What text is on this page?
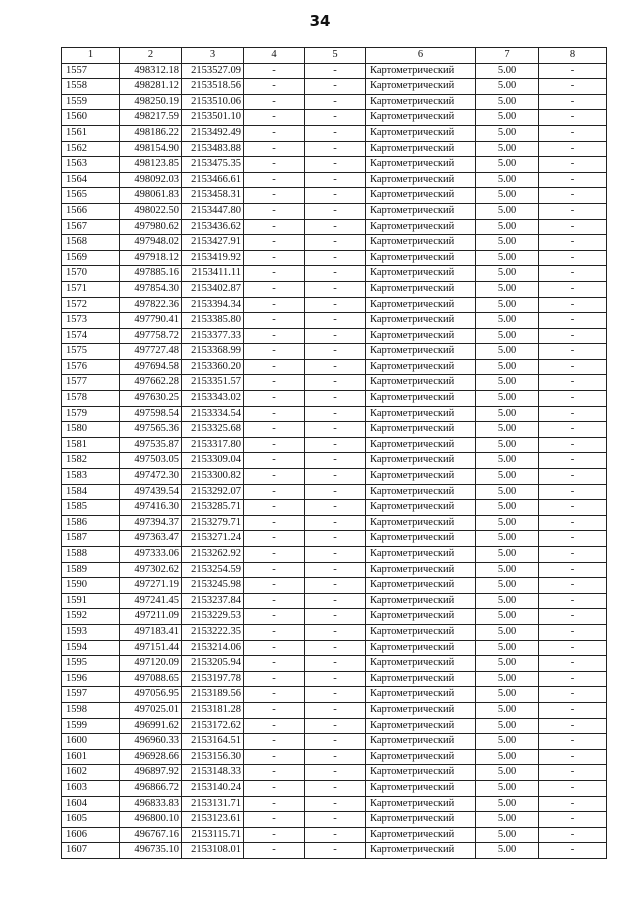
34
1	2	3	4	5	6	7	8
1557	498312.18	2153527.09	-	-	Картометрический	5.00	-
1558	498281.12	2153518.56	-	-	Картометрический	5.00	-
1559	498250.19	2153510.06	-	-	Картометрический	5.00	-
1560	498217.59	2153501.10	-	-	Картометрический	5.00	-
1561	498186.22	2153492.49	-	-	Картометрический	5.00	-
1562	498154.90	2153483.88	-	-	Картометрический	5.00	-
1563	498123.85	2153475.35	-	-	Картометрический	5.00	-
1564	498092.03	2153466.61	-	-	Картометрический	5.00	-
1565	498061.83	2153458.31	-	-	Картометрический	5.00	-
1566	498022.50	2153447.80	-	-	Картометрический	5.00	-
1567	497980.62	2153436.62	-	-	Картометрический	5.00	-
1568	497948.02	2153427.91	-	-	Картометрический	5.00	-
1569	497918.12	2153419.92	-	-	Картометрический	5.00	-
1570	497885.16	2153411.11	-	-	Картометрический	5.00	-
1571	497854.30	2153402.87	-	-	Картометрический	5.00	-
1572	497822.36	2153394.34	-	-	Картометрический	5.00	-
1573	497790.41	2153385.80	-	-	Картометрический	5.00	-
1574	497758.72	2153377.33	-	-	Картометрический	5.00	-
1575	497727.48	2153368.99	-	-	Картометрический	5.00	-
1576	497694.58	2153360.20	-	-	Картометрический	5.00	-
1577	497662.28	2153351.57	-	-	Картометрический	5.00	-
1578	497630.25	2153343.02	-	-	Картометрический	5.00	-
1579	497598.54	2153334.54	-	-	Картометрический	5.00	-
1580	497565.36	2153325.68	-	-	Картометрический	5.00	-
1581	497535.87	2153317.80	-	-	Картометрический	5.00	-
1582	497503.05	2153309.04	-	-	Картометрический	5.00	-
1583	497472.30	2153300.82	-	-	Картометрический	5.00	-
1584	497439.54	2153292.07	-	-	Картометрический	5.00	-
1585	497416.30	2153285.71	-	-	Картометрический	5.00	-
1586	497394.37	2153279.71	-	-	Картометрический	5.00	-
1587	497363.47	2153271.24	-	-	Картометрический	5.00	-
1588	497333.06	2153262.92	-	-	Картометрический	5.00	-
1589	497302.62	2153254.59	-	-	Картометрический	5.00	-
1590	497271.19	2153245.98	-	-	Картометрический	5.00	-
1591	497241.45	2153237.84	-	-	Картометрический	5.00	-
1592	497211.09	2153229.53	-	-	Картометрический	5.00	-
1593	497183.41	2153222.35	-	-	Картометрический	5.00	-
1594	497151.44	2153214.06	-	-	Картометрический	5.00	-
1595	497120.09	2153205.94	-	-	Картометрический	5.00	-
1596	497088.65	2153197.78	-	-	Картометрический	5.00	-
1597	497056.95	2153189.56	-	-	Картометрический	5.00	-
1598	497025.01	2153181.28	-	-	Картометрический	5.00	-
1599	496991.62	2153172.62	-	-	Картометрический	5.00	-
1600	496960.33	2153164.51	-	-	Картометрический	5.00	-
1601	496928.66	2153156.30	-	-	Картометрический	5.00	-
1602	496897.92	2153148.33	-	-	Картометрический	5.00	-
1603	496866.72	2153140.24	-	-	Картометрический	5.00	-
1604	496833.83	2153131.71	-	-	Картометрический	5.00	-
1605	496800.10	2153123.61	-	-	Картометрический	5.00	-
1606	496767.16	2153115.71	-	-	Картометрический	5.00	-
1607	496735.10	2153108.01	-	-	Картометрический	5.00	-
